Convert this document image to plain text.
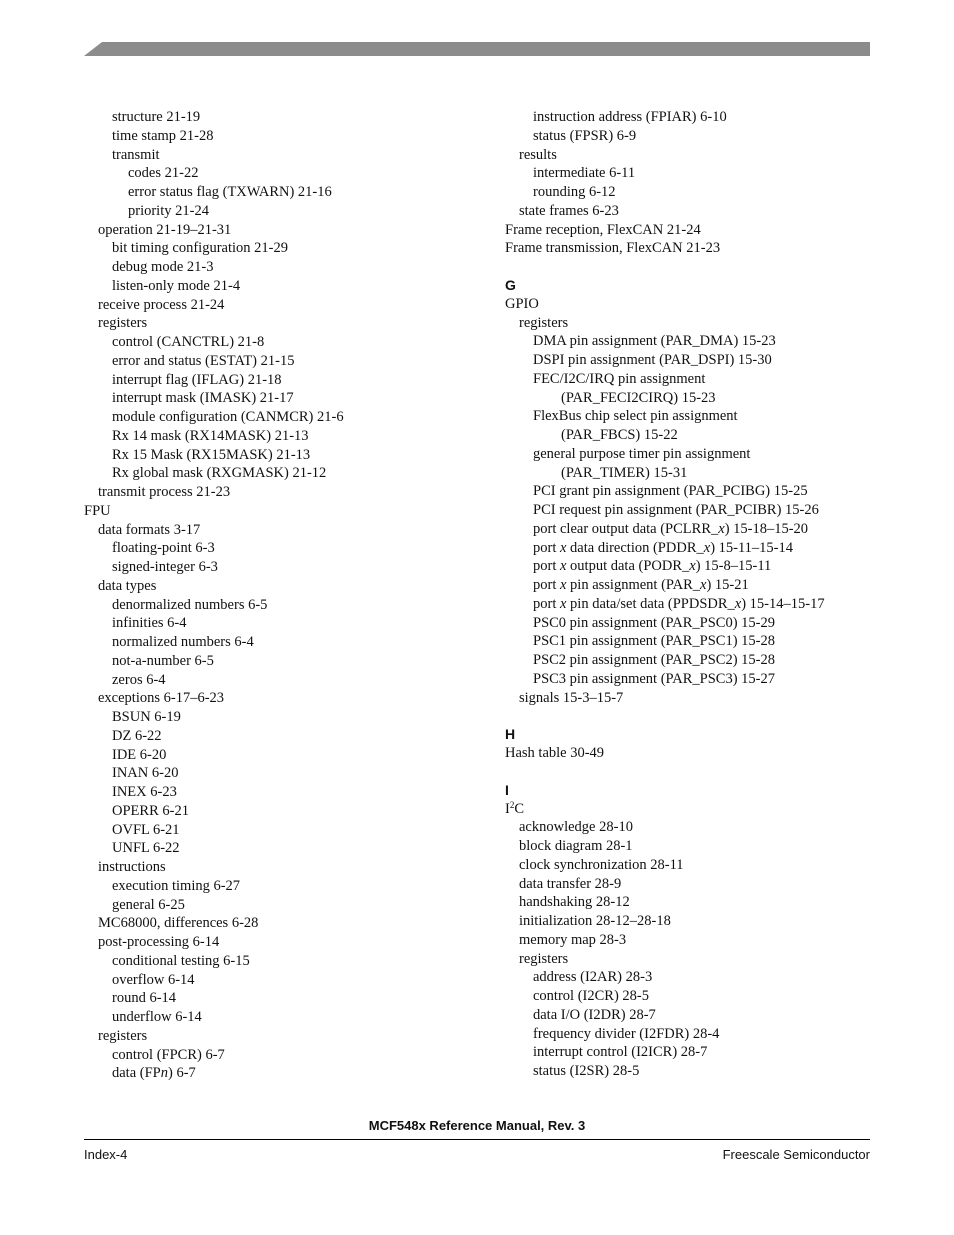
structure 21-19
time stamp 21-28
transmit
codes 21-22
error status flag (TXWARN) 21-16
priority 21-24
operation 21-19–21-31
bit timing configuration 21-29
debug mode 21-3
listen-only mode 21-4
receive process 21-24
registers
control (CANCTRL) 21-8
error and status (ESTAT) 21-15
interrupt flag (IFLAG) 21-18
interrupt mask (IMASK) 21-17
module configuration (CANMCR) 21-6
Rx 14 mask (RX14MASK) 21-13
Rx 15 Mask (RX15MASK) 21-13
Rx global mask (RXGMASK) 21-12
transmit process 21-23
FPU
data formats 3-17
floating-point 6-3
signed-integer 6-3
data types
denormalized numbers 6-5
infinities 6-4
normalized numbers 6-4
not-a-number 6-5
zeros 6-4
exceptions 6-17–6-23
BSUN 6-19
DZ 6-22
IDE 6-20
INAN 6-20
INEX 6-23
OPERR 6-21
OVFL 6-21
UNFL 6-22
instructions
execution timing 6-27
general 6-25
MC68000, differences 6-28
post-processing 6-14
conditional testing 6-15
overflow 6-14
round 6-14
underflow 6-14
registers
control (FPCR) 6-7
data (FPn) 6-7
instruction address (FPIAR) 6-10
status (FPSR) 6-9
results
intermediate 6-11
rounding 6-12
state frames 6-23
Frame reception, FlexCAN 21-24
Frame transmission, FlexCAN 21-23
G
GPIO
registers
DMA pin assignment (PAR_DMA) 15-23
DSPI pin assignment (PAR_DSPI) 15-30
FEC/I2C/IRQ pin assignment
(PAR_FECI2CIRQ) 15-23
FlexBus chip select pin assignment
(PAR_FBCS) 15-22
general purpose timer pin assignment
(PAR_TIMER) 15-31
PCI grant pin assignment (PAR_PCIBG) 15-25
PCI request pin assignment (PAR_PCIBR) 15-26
port clear output data (PCLRR_x) 15-18–15-20
port x data direction (PDDR_x) 15-11–15-14
port x output data (PODR_x) 15-8–15-11
port x pin assignment (PAR_x) 15-21
port x pin data/set data (PPDSDR_x) 15-14–15-17
PSC0 pin assignment (PAR_PSC0) 15-29
PSC1 pin assignment (PAR_PSC1) 15-28
PSC2 pin assignment (PAR_PSC2) 15-28
PSC3 pin assignment (PAR_PSC3) 15-27
signals 15-3–15-7
H
Hash table 30-49
I
$I^2C$
acknowledge 28-10
block diagram 28-1
clock synchronization 28-11
data transfer 28-9
handshaking 28-12
initialization 28-12–28-18
memory map 28-3
registers
address (I2AR) 28-3
control (I2CR) 28-5
data I/O (I2DR) 28-7
frequency divider (I2FDR) 28-4
interrupt control (I2ICR) 28-7
status (I2SR) 28-5
MCF548x Reference Manual, Rev. 3
Index-4	Freescale Semiconductor
